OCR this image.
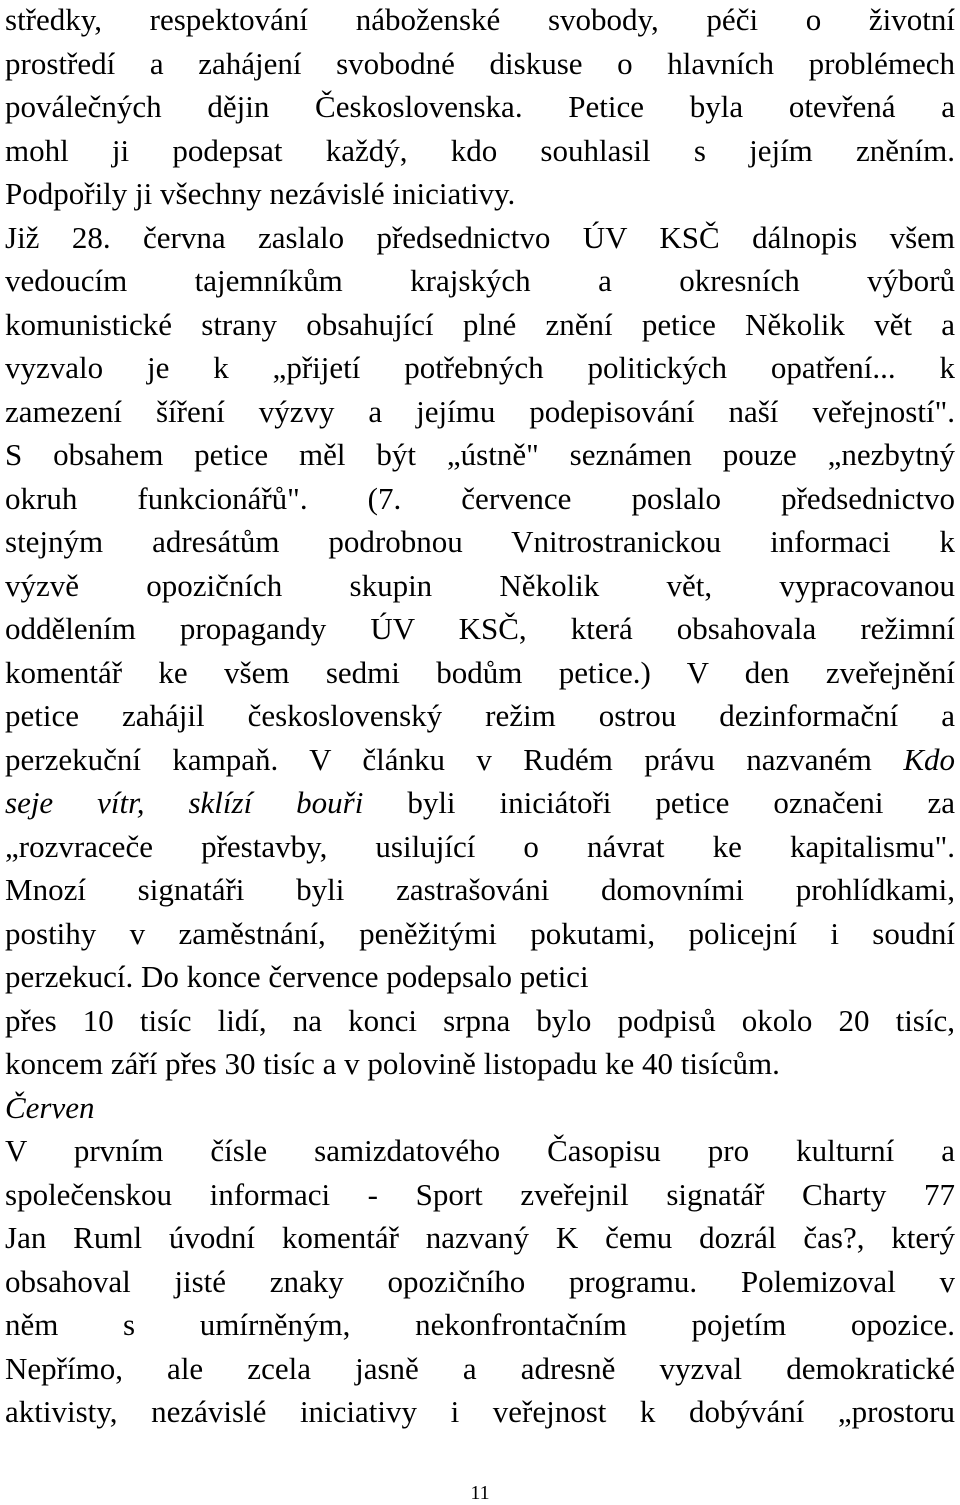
středky, respektování náboženské svobody, péči o životní
prostředí a zahájení svobodné diskuse o hlavních problémech
poválečných dějin Československa. Petice byla otevřená a
mohl ji podepsat každý, kdo souhlasil s jejím zněním.
Podpořily ji všechny nezávislé iniciativy.
Již 28. června zaslalo předsednictvo ÚV KSČ dálnopis všem
vedoucím tajemníkům krajských a okresních výborů
komunistické strany obsahující plné znění petice Několik vět a
vyzvalo je k „přijetí potřebných politických opatření... k
zamezení šíření výzvy a jejímu podepisování naší veřejností".
S obsahem petice měl být „ústně" seznámen pouze „nezbytný
okruh funkcionářů". (7. července poslalo předsednictvo
stejným adresátům podrobnou Vnitrostranickou informaci k
výzvě opozičních skupin Několik vět, vypracovanou
oddělením propagandy ÚV KSČ, která obsahovala režimní
komentář ke všem sedmi bodům petice.) V den zveřejnění
petice zahájil československý režim ostrou dezinformační a
perzekuční kampaň. V článku v Rudém právu nazvaném Kdo
seje vítr, sklízí bouři byli iniciátoři petice označeni za
„rozvraceče přestavby, usilující o návrat ke kapitalismu".
Mnozí signatáři byli zastrašováni domovními prohlídkami,
postihy v zaměstnání, peněžitými pokutami, policejní i soudní
perzekucí. Do konce července podepsalo petici
přes 10 tisíc lidí, na konci srpna bylo podpisů okolo 20 tisíc,
koncem září přes 30 tisíc a v polovině listopadu ke 40 tisícům.
Červen
V prvním čísle samizdatového Časopisu pro kulturní a
společenskou informaci - Sport zveřejnil signatář Charty 77
Jan Ruml úvodní komentář nazvaný K čemu dozrál čas?, který
obsahoval jisté znaky opozičního programu. Polemizoval v
něm s umírněným, nekonfrontačním pojetím opozice.
Nepřímo, ale zcela jasně a adresně vyzval demokratické
aktivisty, nezávislé iniciativy i veřejnost k dobývání „prostoru
11
